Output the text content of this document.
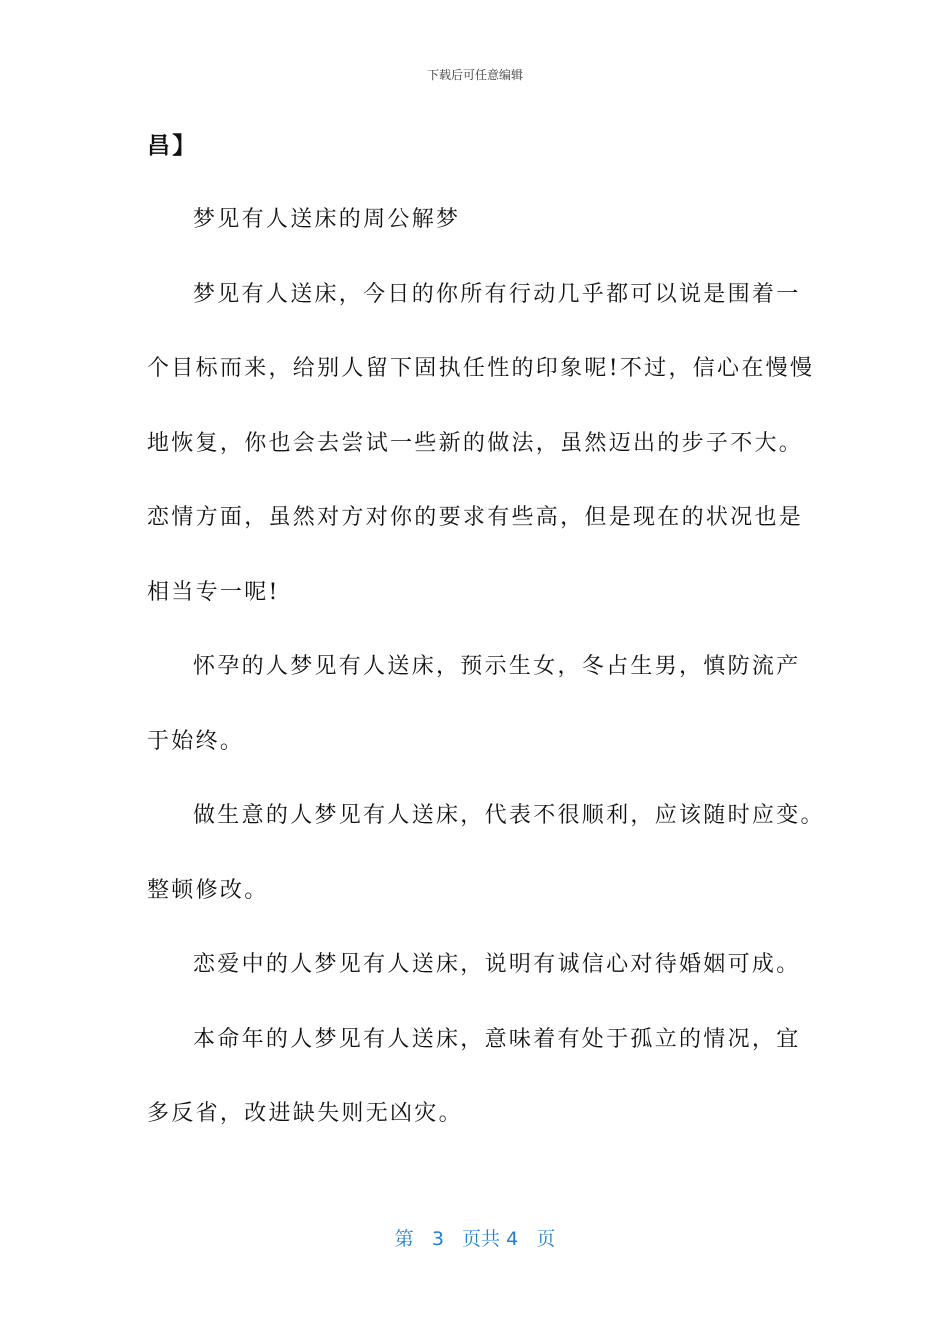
下载后可任意编辑
昌】
梦见有人送床的周公解梦
梦见有人送床，今日的你所有行动几乎都可以说是围着一
个目标而来，给别人留下固执任性的印象呢!不过，信心在慢慢
地恢复，你也会去尝试一些新的做法，虽然迈出的步子不大。
恋情方面，虽然对方对你的要求有些高，但是现在的状况也是
相当专一呢!
怀孕的人梦见有人送床，预示生女，冬占生男，慎防流产
于始终。
做生意的人梦见有人送床，代表不很顺利，应该随时应变。
整顿修改。
恋爱中的人梦见有人送床，说明有诚信心对待婚姻可成。
本命年的人梦见有人送床，意味着有处于孤立的情况，宜
多反省，改进缺失则无凶灾。
第 3 页共 4 页
